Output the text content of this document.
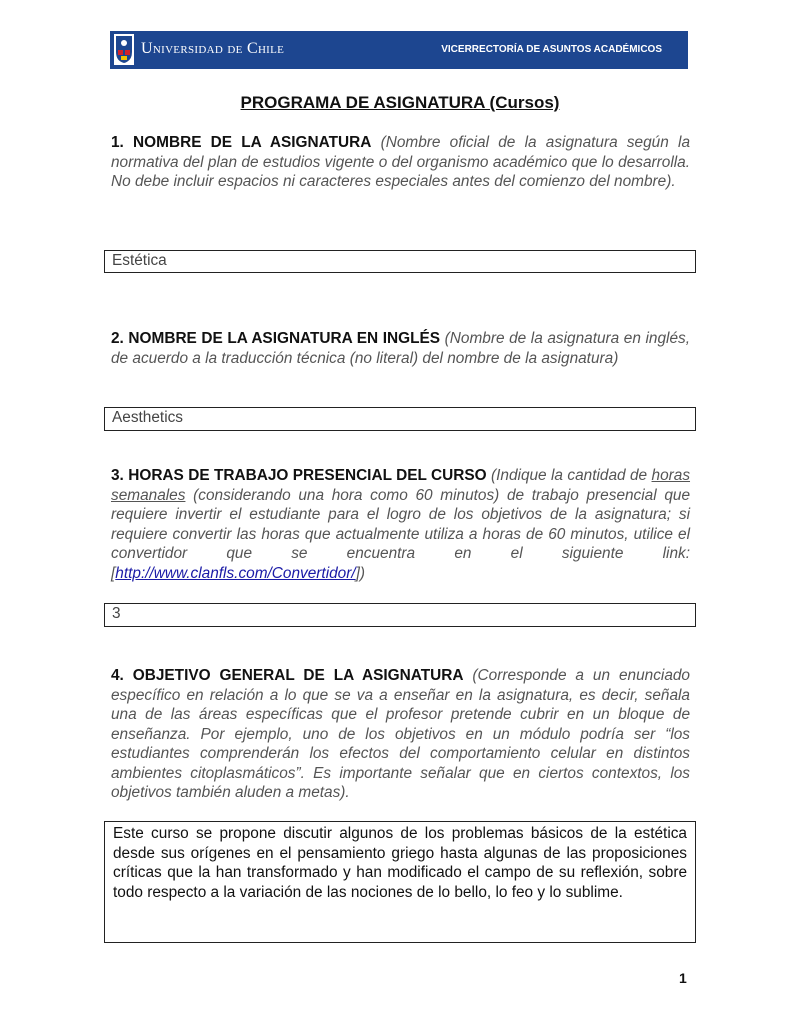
Universidad de Chile	VICERRECTORÍA DE ASUNTOS ACADÉMICOS
PROGRAMA DE ASIGNATURA (Cursos)

1. NOMBRE DE LA ASIGNATURA (Nombre oficial de la asignatura según la normativa del plan de estudios vigente o del organismo académico que lo desarrolla. No debe incluir espacios ni caracteres especiales antes del comienzo del nombre).

Estética

2. NOMBRE DE LA ASIGNATURA EN INGLÉS (Nombre de la asignatura en inglés, de acuerdo a la traducción técnica (no literal) del nombre de la asignatura)

Aesthetics

3. HORAS DE TRABAJO PRESENCIAL DEL CURSO (Indique la cantidad de horas semanales (considerando una hora como 60 minutos) de trabajo presencial que requiere invertir el estudiante para el logro de los objetivos de la asignatura; si requiere convertir las horas que actualmente utiliza a horas de 60 minutos, utilice el convertidor que se encuentra en el siguiente link: [http://www.clanfls.com/Convertidor/])

3

4. OBJETIVO GENERAL DE LA ASIGNATURA (Corresponde a un enunciado específico en relación a lo que se va a enseñar en la asignatura, es decir, señala una de las áreas específicas que el profesor pretende cubrir en un bloque de enseñanza. Por ejemplo, uno de los objetivos en un módulo podría ser “los estudiantes comprenderán los efectos del comportamiento celular en distintos ambientes citoplasmáticos”. Es importante señalar que en ciertos contextos, los objetivos también aluden a metas).

Este curso se propone discutir algunos de los problemas básicos de la estética desde sus orígenes en el pensamiento griego hasta algunas de las proposiciones críticas que la han transformado y han modificado el campo de su reflexión, sobre todo respecto a la variación de las nociones de lo bello, lo feo y lo sublime.
1
